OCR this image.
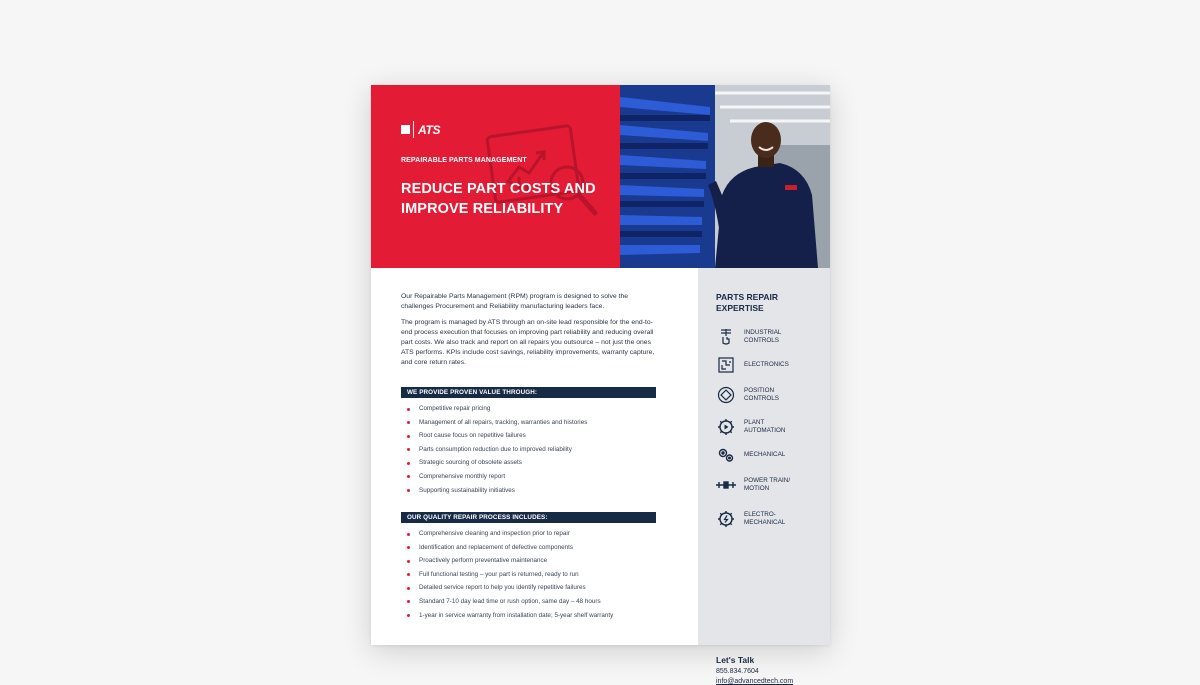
ATS
REPAIRABLE PARTS MANAGEMENT
REDUCE PART COSTS AND IMPROVE RELIABILITY

Our Repairable Parts Management (RPM) program is designed to solve the challenges Procurement and Reliability manufacturing leaders face.

The program is managed by ATS through an on-site lead responsible for the end-to-end process execution that focuses on improving part reliability and reducing overall part costs. We also track and report on all repairs you outsource – not just the ones ATS performs. KPIs include cost savings, reliability improvements, warranty capture, and core return rates.

WE PROVIDE PROVEN VALUE THROUGH:
Competitive repair pricing
Management of all repairs, tracking, warranties and histories
Root cause focus on repetitive failures
Parts consumption reduction due to improved reliability
Strategic sourcing of obsolete assets
Comprehensive monthly report
Supporting sustainability initiatives
OUR QUALITY REPAIR PROCESS INCLUDES:
Comprehensive cleaning and inspection prior to repair
Identification and replacement of defective components
Proactively perform preventative maintenance
Full functional testing – your part is returned, ready to run
Detailed service report to help you identify repetitive failures
Standard 7-10 day lead time or rush option, same day – 48 hours
1-year in service warranty from installation date; 5-year shelf warranty
PARTS REPAIR EXPERTISE
INDUSTRIAL
CONTROLS
ELECTRONICS

POSITION
CONTROLS
PLANT
AUTOMATION
MECHANICAL

POWER TRAIN/
MOTION
ELECTRO-
MECHANICAL
Let's Talk
855.834.7604
info@advancedtech.com
